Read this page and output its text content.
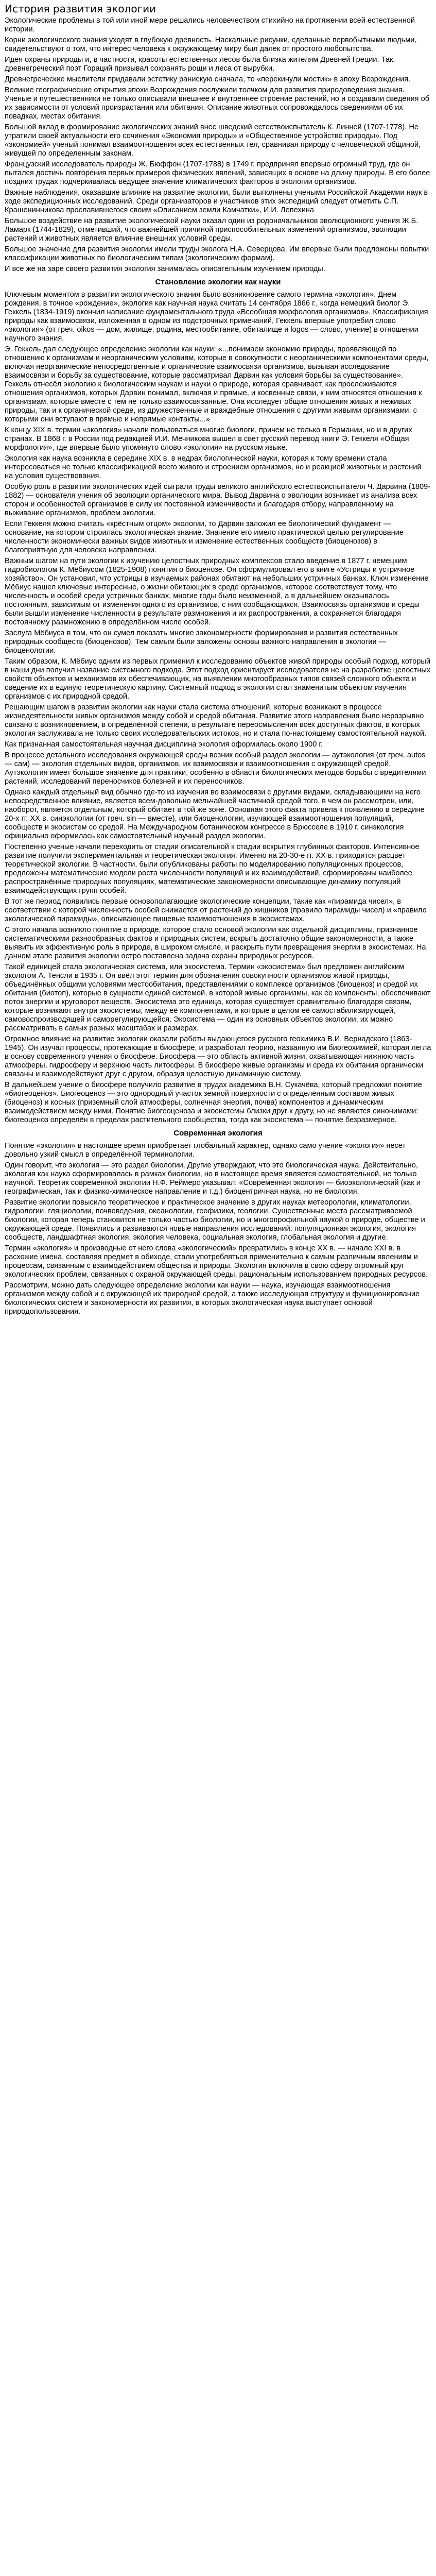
История развития экологии

Экологические проблемы в той или иной мере решались человечеством стихийно на протяжении всей естественной истории.

Корни экологического знания уходят в глубокую древность. Наскальные рисунки, сделанные первобытными людьми, свидетельствуют о том, что интерес человека к окружающему миру был далек от простого любопытства.

Идея охраны природы и, в частности, красоты естественных лесов была близка жителям Древней Греции. Так, древнегреческий поэт Гораций призывал сохранять рощи и леса от вырубки.

Древнегреческие мыслители придавали эстетику ранискую сначала, то «перекинули мостик» в эпоху Возрождения.

Великие географические открытия эпохи Возрождения послужили толчком для развития природоведения знания. Ученые и путешественники не только описывали внешнее и внутреннее строение растений, но и создавали сведения об их зависимости от условий произрастания или обитания. Описание животных сопровождалось сведениями об их повадках, местах обитания.

Большой вклад в формирование экологических знаний внес шведский естествоиспытатель К. Линней (1707-1778). Не утратили своей актуальности его сочинения «Экономия природы» и «Общественное устройство природы». Под «экономией» ученый понимал взаимоотношения всех естественных тел, сравнивая природу с человеческой общиной, живущей по определенным законам.

Французский исследователь природы Ж. Бюффон (1707-1788) в 1749 г. предпринял впервые огромный труд, где он пытался достичь повторения первых примеров физических явлений, зависящих в основе на длину природы. В его более поздних трудах подчеркивалась ведущее значение климатических факторов в экологии организмов.

Важные наблюдения, оказавшие влияние на развитие экологии, были выполнены учеными Российской Академии наук в ходе экспедиционных исследований. Среди организаторов и участников этих экспедиций следует отметить С.П. Крашенинникова прославившегося своим «Описанием земли Камчатки», И.И. Лепехина

Большое воздействие на развитие экологической науки оказал один из родоначальников эволюционного учения Ж.Б. Ламарк (1744-1829), отметивший, что важнейшей причиной приспособительных изменений организмов, эволюции растений и животных является влияние внешних условий среды.

Большое значение для развития экологии имели труды эколога Н.А. Северцова. Им впервые были предложены попытки классификации животных по биологическим типам (экологическим формам).

И все же на заре своего развития экология занималась описательным изучением природы.

Становление экологии как науки

Ключевым моментом в развитии экологического знания было возникновение самого термина «экология». Днем рождения, в точное «рождение», экология как научная наука считать 14 сентября 1866 г., когда немецкий биолог Э. Геккель (1834-1919) окончил написание фундаментального труда «Всеобщая морфология организмов». Классификация природы как взаимосвязи, изложенная в одном из подстрочных примечаний, Геккель впервые употребил слово «экология» (от греч. oikos — дом, жилище, родина, местообитание, обиталище и logos — слово, учение) в отношении научного знания.

Э. Геккель дал следующее определение экологии как науки: «...понимаем экономию природы, проявляющей по отношению к организмам и неорганическим условиям, которые в совокупности с неорганическими компонентами среды, включая неорганические непосредственные и органические взаимосвязи организмов, вызывая исследование взаимосвязи и борьбу за существование, которые рассматривал Дарвин как условия борьбы за существование». Геккель отнесёл экологию к биологическим наукам и науки о природе, которая сравнивает, как прослеживаются отношения организмов, которых Дарвин понимал, включая и прямые, и косвенные связи, к ним относятся отношения к организмам, которые вместе с тем не только взаимосвязанные. Она исследует общие отношения живых и неживых природы, так и к органической среде, из дружественные и враждебные отношения с другими живыми организмами, с которыми они вступают в прямые и непрямые контакты...»

К концу XIX в. термин «экология» начали пользоваться многие биологи, причем не только в Германии, но и в других странах. В 1868 г. в России под редакцией И.И. Мечникова вышел в свет русский перевод книги Э. Геккеля «Общая морфология», где впервые было упомянуто слово «экология» на русском языке.

Экология как наука возникла в середине XIX в. в недрах биологической науки, которая к тому времени стала интересоваться не только классификацией всего живого и строением организмов, но и реакцией животных и растений на условия существования.

Особую роль в развитии экологических идей сыграли труды великого английского естествоиспытателя Ч. Дарвина (1809-1882) — основателя учения об эволюции органического мира. Вывод Дарвина о эволюции возникает из анализа всех сторон и особенностей организмов в силу их постоянной изменчивости и благодаря отбору, направленному на выживание организмов, проблем экологии.

Если Геккеля можно считать «крёстным отцом» экологии, то Дарвин заложил ее биологический фундамент — основание, на котором строилась экологическая знание. Значение его имело практической целью регулирование численности экономически важных видов животных и изменение естественных сообществ (биоценозов) в благоприятную для человека направлении.

Важным шагом на пути экологии к изучению целостных природных комплексов стало введение в 1877 г. немецким гидробиологом К. Мёбиусом (1825-1908) понятия о биоценозе. Он сформулировал его в книге «Устрицы и устричное хозяйство». Он установил, что устрицы в изучаемых районах обитают на небольших устричных банках. Ключ изменение Мёбиус нашел ключевые интересные, о жизни обитающих в среде организмов, которое соответствует тому, что численность и особей среди устричных банках, многие годы было неизменной, а в дальнейшем оказывалось постоянным, зависимым от изменения одного из организмов, с ним сообщающихся. Взаимосвязь организмов и среды были вышли изменение численности в результате размножения и их распространения, а сохраняется благодаря постоянному размножению в определённом числе особей.

Заслуга Мёбиуса в том, что он сумел показать многие закономерности формирования и развития естественных природных сообществ (биоценозов). Тем самым были заложены основы важного направления в экологии — биоценологии.

Таким образом, К. Мёбиус одним из первых применил к исследованию объектов живой природы особый подход, который в наши дни получил название системного подхода. Этот подход ориентирует исследователя не на разработке целостных свойств объектов и механизмов их обеспечивающих, на выявлении многообразных типов связей сложного объекта и сведение их в единую теоретическую картину. Системный подход в экологии стал знаменитым объектом изучения организмов с их природной средой.

Решающим шагом в развитии экологии как науки стала система отношений, которые возникают в процессе жизнедеятельности живых организмов между собой и средой обитания. Развитие этого направления было неразрывно связано с возникновением, в определённой степени, в результате переосмысления всех доступных фактов, в которых экология заслуживала не только своих исследовательских истоков, но и стала по-настоящему самостоятельной наукой.

Как признанная самостоятельная научная дисциплина экология оформилась около 1900 г.

В процессе детального исследования окружающей среды возник особый раздел экологии — аутэкология (от греч. autos — сам) — экология отдельных видов, организмов, их взаимосвязи и взаимоотношения с окружающей средой. Аутэкология имеет большое значение для практики, особенно в области биологических методов борьбы с вредителями растений, исследований переносчиков болезней и их переносчиков.

Однако каждый отдельный вид обычно где-то из изучения во взаимосвязи с другими видами, складывающими на него непосредственное влияние, является всем-довольно мельчайшей частичной средой того, в чем он рассмотрен, или, наоборот, является отдельным, который обитает в той же зоне. Основная этого факта привела к появлению в середине 20-х гг. XX в. синэкологии (от греч. sin — вместе), или биоценологии, изучающей взаимоотношения популяций, сообществ и экосистем со средой. На Международном ботаническом конгрессе в Брюсселе в 1910 г. синэкология официально оформилась как самостоятельный научный раздел экологии.

Постепенно ученые начали переходить от стадии описательной к стадии вскрытия глубинных факторов. Интенсивное развитие получили экспериментальная и теоретическая экология. Именно на 20-30-е гг. XX в. приходится расцвет теоретической экологии. В частности, были опубликованы работы по моделированию популяционных процессов, предложены математические модели роста численности популяций и их взаимодействий, сформированы наиболее распространённые природных популяциях, математические закономерности описывающие динамику популяций взаимодействующих групп особей.

В тот же период появились первые основополагающие экологические концепции, такие как «пирамида чисел», в соответствии с которой численность особей снижается от растений до хищников (правило пирамиды чисел) и «правило экологической пирамиды», описывающее пищевые взаимоотношения в экосистемах.

С этого начала возникло понятие о природе, которое стало основой экологии как отдельной дисциплины, признанное систематическими разнообразных фактов и природных систем, вскрыть достаточно общие закономерности, а также выявить их эффективную роль в природе, в широком смысле, и раскрыть пути превращения энергии в экосистемах. На данном этапе развития экологии остро поставлена задача охраны природных ресурсов.

Такой единицей стала экологическая система, или экосистема. Термин «экосистема» был предложен английским экологом А. Тенсли в 1935 г. Он ввёл этот термин для обозначения совокупности организмов живой природы, объединённых общими условиями местообитания, представлениями о комплексе организмов (биоценоз) и средой их обитания (биотоп), которые в сущности единой системой, в которой живые организмы, как ее компоненты, обеспечивают поток энергии и круговорот веществ. Экосистема это единица, которая существует сравнительно благодаря связям, которые возникают внутри экосистемы, между её компонентами, и которые в целом её самостабилизирующей, самовоспроизводящей и саморегулирующейся. Экосистема — один из основных объектов экологии, их можно рассматривать в самых разных масштабах и размерах.

Огромное влияние на развитие экологии оказали работы выдающегося русского геохимика В.И. Вернадского (1863-1945). Он изучал процессы, протекающие в биосфере, и разработал теорию, названную им биогеохимией, которая легла в основу современного учения о биосфере. Биосфера — это область активной жизни, охватывающая нижнюю часть атмосферы, гидросферу и верхнюю часть литосферы. В биосфере живые организмы и среда их обитания органически связаны и взаимодействуют друг с другом, образуя целостную динамичную систему.

В дальнейшем учение о биосфере получило развитие в трудах академика В.Н. Сукачёва, который предложил понятие «биогеоценоз». Биогеоценоз — это однородный участок земной поверхности с определённым составом живых (биоценоз) и косных (приземный слой атмосферы, солнечная энергия, почва) компонентов и динамическим взаимодействием между ними. Понятие биогеоценоза и экосистемы близки друг к другу, но не являются синонимами: биогеоценоз определён в пределах растительного сообщества, тогда как экосистема — понятие безразмерное.

Современная экология

Понятие «экология» в настоящее время приобретает глобальный характер, однако само учение «экология» несет довольно узкий смысл в определённой терминологии.

Один говорит, что экология — это раздел биологии. Другие утверждают, что это биологическая наука. Действительно, экология как наука сформировалась в рамках биологии, но в настоящее время является самостоятельной, не только научной. Теоретик современной экологии Н.Ф. Реймерс указывал: «Современная экология — биоэкологический (как и географическая, так и физико-химическое направление и т.д.) биоцентричная наука, но не биология.

Развитие экологии повысило теоретическое и практическое значение в других науках метеорологии, климатологии, гидрологии, гляциологии, почвоведения, океанологии, геофизики, геологии. Существенные места рассматриваемой биологии, которая теперь становится не только частью биологии, но и многопрофильной наукой о природе, обществе и окружающей среде. Появились и развиваются новые направления исследований: популяционная экология, экология сообществ, ландшафтная экология, экология человека, социальная экология, глобальная экология и другие.

Термин «экология» и производные от него слова «экологический» превратились в конце XX в. — начале XXI в. в расхожие имена, составляя предмет в обиходе, стали употребляться применительно к самым различным явлениям и процессам, связанным с взаимодействием общества и природы. Экология включила в свою сферу огромный круг экологических проблем, связанных с охраной окружающей среды, рациональным использованием природных ресурсов.

Рассмотрим, можно дать следующее определение экологии как науки — наука, изучающая взаимоотношения организмов между собой и с окружающей их природной средой, а также исследующая структуру и функционирование биологических систем и закономерности их развития, в которых экологическая наука выступает основой природопользования.
